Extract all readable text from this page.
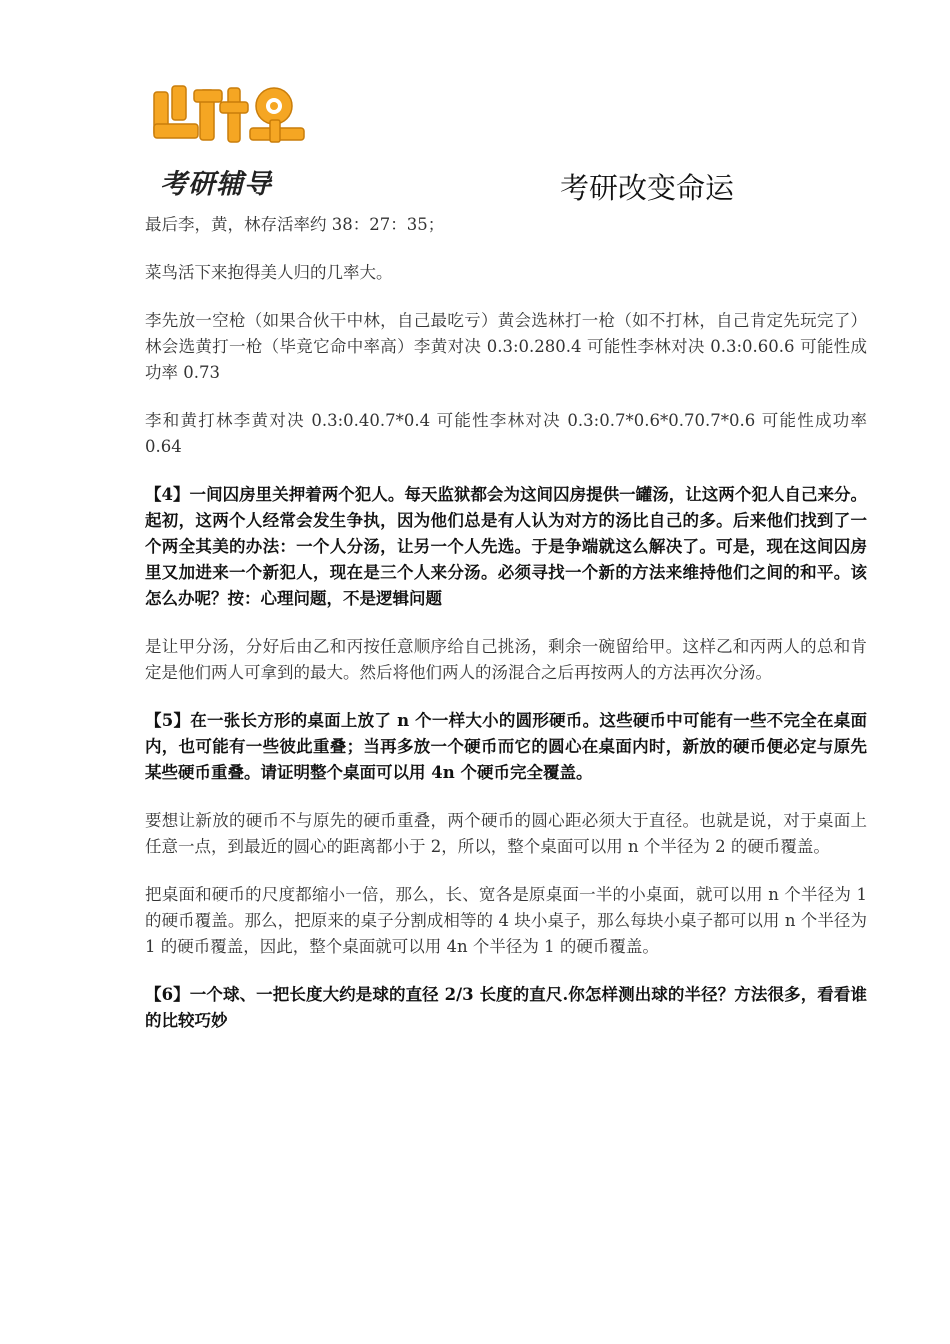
考研辅导	考研改变命运

最后李，黄，林存活率约 38：27：35；

菜鸟活下来抱得美人归的几率大。

李先放一空枪（如果合伙干中林，自己最吃亏）黄会选林打一枪（如不打林，自己肯定先玩完了）林会选黄打一枪（毕竟它命中率高）李黄对决 0.3:0.280.4 可能性李林对决 0.3:0.60.6 可能性成功率 0.73

李和黄打林李黄对决 0.3:0.40.7*0.4 可能性李林对决 0.3:0.7*0.6*0.70.7*0.6 可能性成功率 0.64

【4】一间囚房里关押着两个犯人。每天监狱都会为这间囚房提供一罐汤，让这两个犯人自己来分。起初，这两个人经常会发生争执，因为他们总是有人认为对方的汤比自己的多。后来他们找到了一个两全其美的办法：一个人分汤，让另一个人先选。于是争端就这么解决了。可是，现在这间囚房里又加进来一个新犯人，现在是三个人来分汤。必须寻找一个新的方法来维持他们之间的和平。该怎么办呢？按：心理问题，不是逻辑问题

是让甲分汤，分好后由乙和丙按任意顺序给自己挑汤，剩余一碗留给甲。这样乙和丙两人的总和肯定是他们两人可拿到的最大。然后将他们两人的汤混合之后再按两人的方法再次分汤。

【5】在一张长方形的桌面上放了 n 个一样大小的圆形硬币。这些硬币中可能有一些不完全在桌面内，也可能有一些彼此重叠；当再多放一个硬币而它的圆心在桌面内时，新放的硬币便必定与原先某些硬币重叠。请证明整个桌面可以用 4n 个硬币完全覆盖。

要想让新放的硬币不与原先的硬币重叠，两个硬币的圆心距必须大于直径。也就是说，对于桌面上任意一点，到最近的圆心的距离都小于 2，所以，整个桌面可以用 n 个半径为 2 的硬币覆盖。

把桌面和硬币的尺度都缩小一倍，那么，长、宽各是原桌面一半的小桌面，就可以用 n 个半径为 1 的硬币覆盖。那么，把原来的桌子分割成相等的 4 块小桌子，那么每块小桌子都可以用 n 个半径为 1 的硬币覆盖，因此，整个桌面就可以用 4n 个半径为 1 的硬币覆盖。

【6】一个球、一把长度大约是球的直径 2/3 长度的直尺.你怎样测出球的半径？方法很多，看看谁的比较巧妙
